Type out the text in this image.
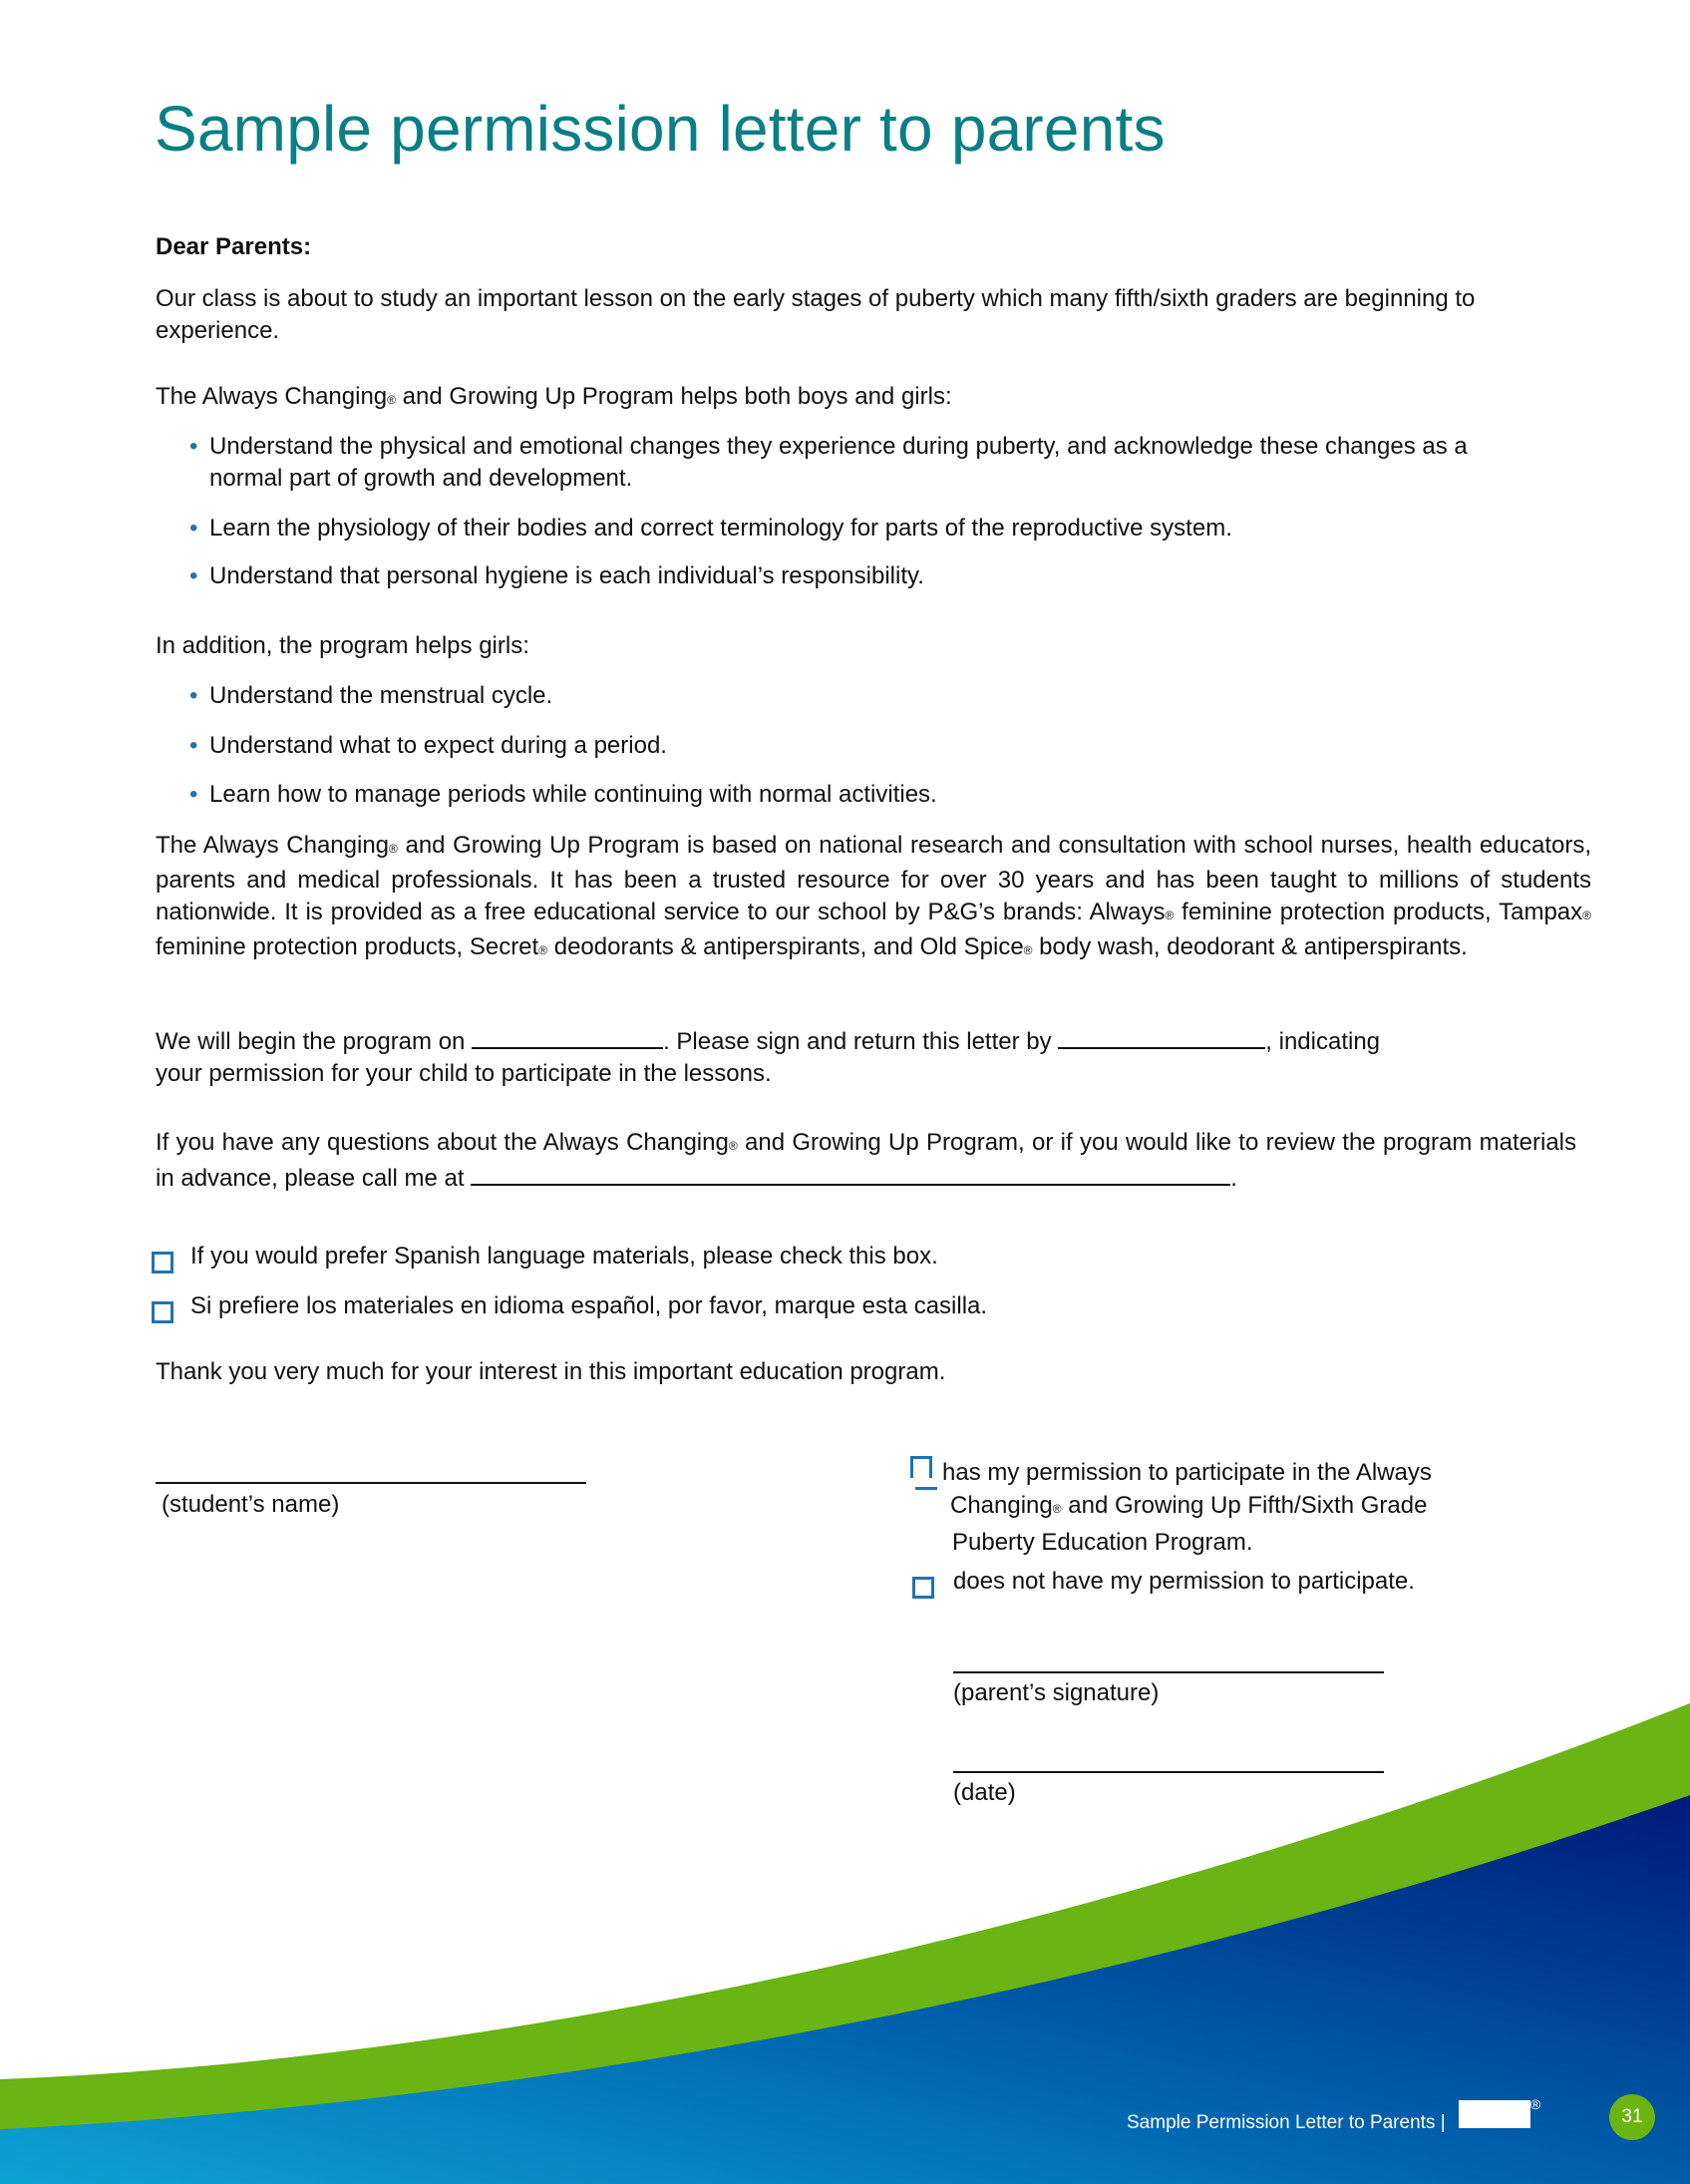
Sample permission letter to parents
Dear Parents:
Our class is about to study an important lesson on the early stages of puberty which many fifth/sixth graders are beginning to experience.
The Always Changing® and Growing Up Program helps both boys and girls:
• Understand the physical and emotional changes they experience during puberty, and acknowledge these changes as a normal part of growth and development.
• Learn the physiology of their bodies and correct terminology for parts of the reproductive system.
• Understand that personal hygiene is each individual’s responsibility.
In addition, the program helps girls:
• Understand the menstrual cycle.
• Understand what to expect during a period.
• Learn how to manage periods while continuing with normal activities.
The Always Changing® and Growing Up Program is based on national research and consultation with school nurses, health educators, parents and medical professionals. It has been a trusted resource for over 30 years and has been taught to millions of students nationwide. It is provided as a free educational service to our school by P&G’s brands: Always® feminine protection products, Tampax® feminine protection products, Secret® deodorants & antiperspirants, and Old Spice® body wash, deodorant & antiperspirants.
We will begin the program on	. Please sign and return this letter by	, indicating
your permission for your child to participate in the lessons.
If you have any questions about the Always Changing® and Growing Up Program, or if you would like to review the program materials in advance, please call me at	.
If you would prefer Spanish language materials, please check this box.
Si prefiere los materiales en idioma español, por favor, marque esta casilla.
Thank you very much for your interest in this important education program.
(student’s name)
has my permission to participate in the Always
Changing® and Growing Up Fifth/Sixth Grade
Puberty Education Program.
does not have my permission to participate.
(parent’s signature)
(date)
Sample Permission Letter to Parents |
®
31
